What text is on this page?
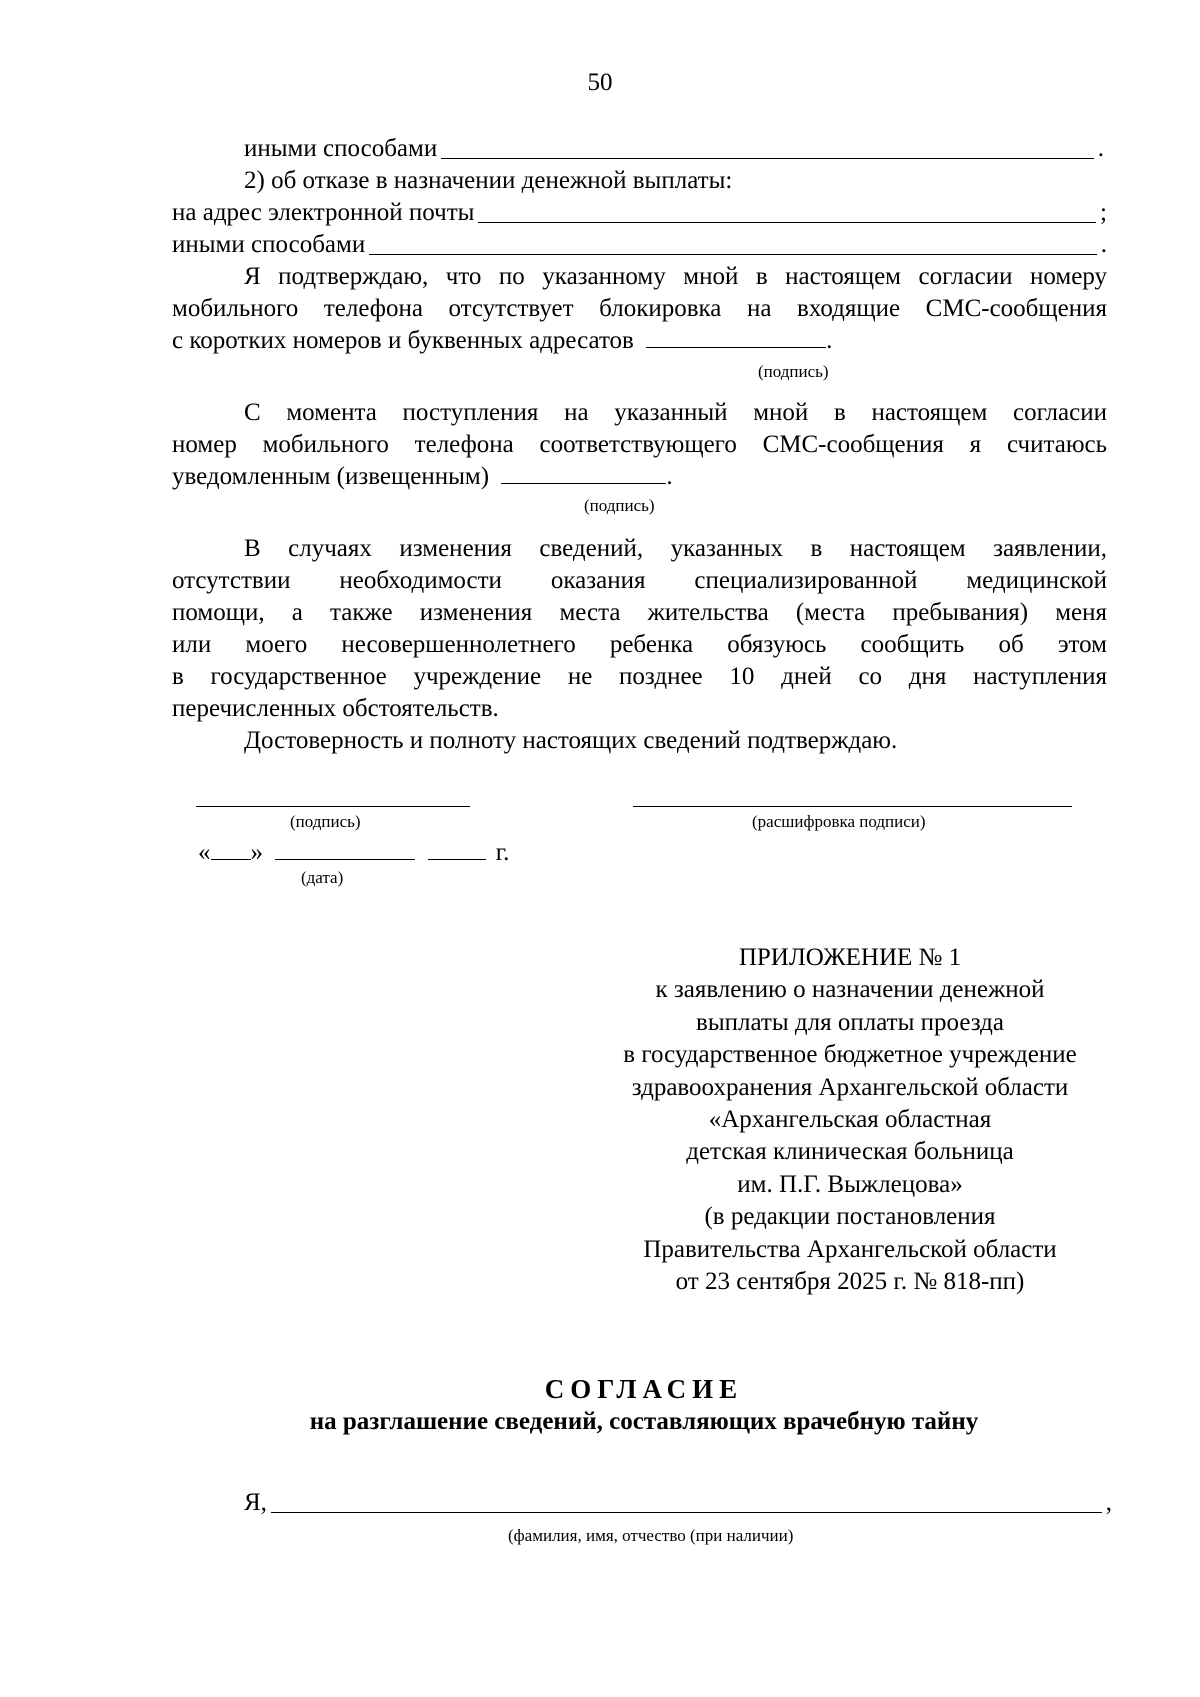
50
иными способами	.
2) об отказе в назначении денежной выплаты:
на адрес электронной почты	;
иными способами	.
Я подтверждаю, что по указанному мной в настоящем согласии номеру
мобильного телефона отсутствует блокировка на входящие СМС-сообщения
с коротких номеров и буквенных адресатов	.
(подпись)
С момента поступления на указанный мной в настоящем согласии
номер мобильного телефона соответствующего СМС-сообщения я считаюсь
уведомленным (извещенным)	.
(подпись)
В случаях изменения сведений, указанных в настоящем заявлении,
отсутствии необходимости оказания специализированной медицинской
помощи, а также изменения места жительства (места пребывания) меня
или моего несовершеннолетнего ребенка обязуюсь сообщить об этом
в государственное учреждение не позднее 10 дней со дня наступления
перечисленных обстоятельств.
Достоверность и полноту настоящих сведений подтверждаю.
(подпись)	(расшифровка подписи)
« »	г.
(дата)
ПРИЛОЖЕНИЕ № 1
к заявлению о назначении денежной
выплаты для оплаты проезда
в государственное бюджетное учреждение
здравоохранения Архангельской области
«Архангельская областная
детская клиническая больница
им. П.Г. Выжлецова»
(в редакции постановления
Правительства Архангельской области
от 23 сентября 2025 г. № 818-пп)
СОГЛАСИЕ
на разглашение сведений, составляющих врачебную тайну
Я,	,
(фамилия, имя, отчество (при наличии)
